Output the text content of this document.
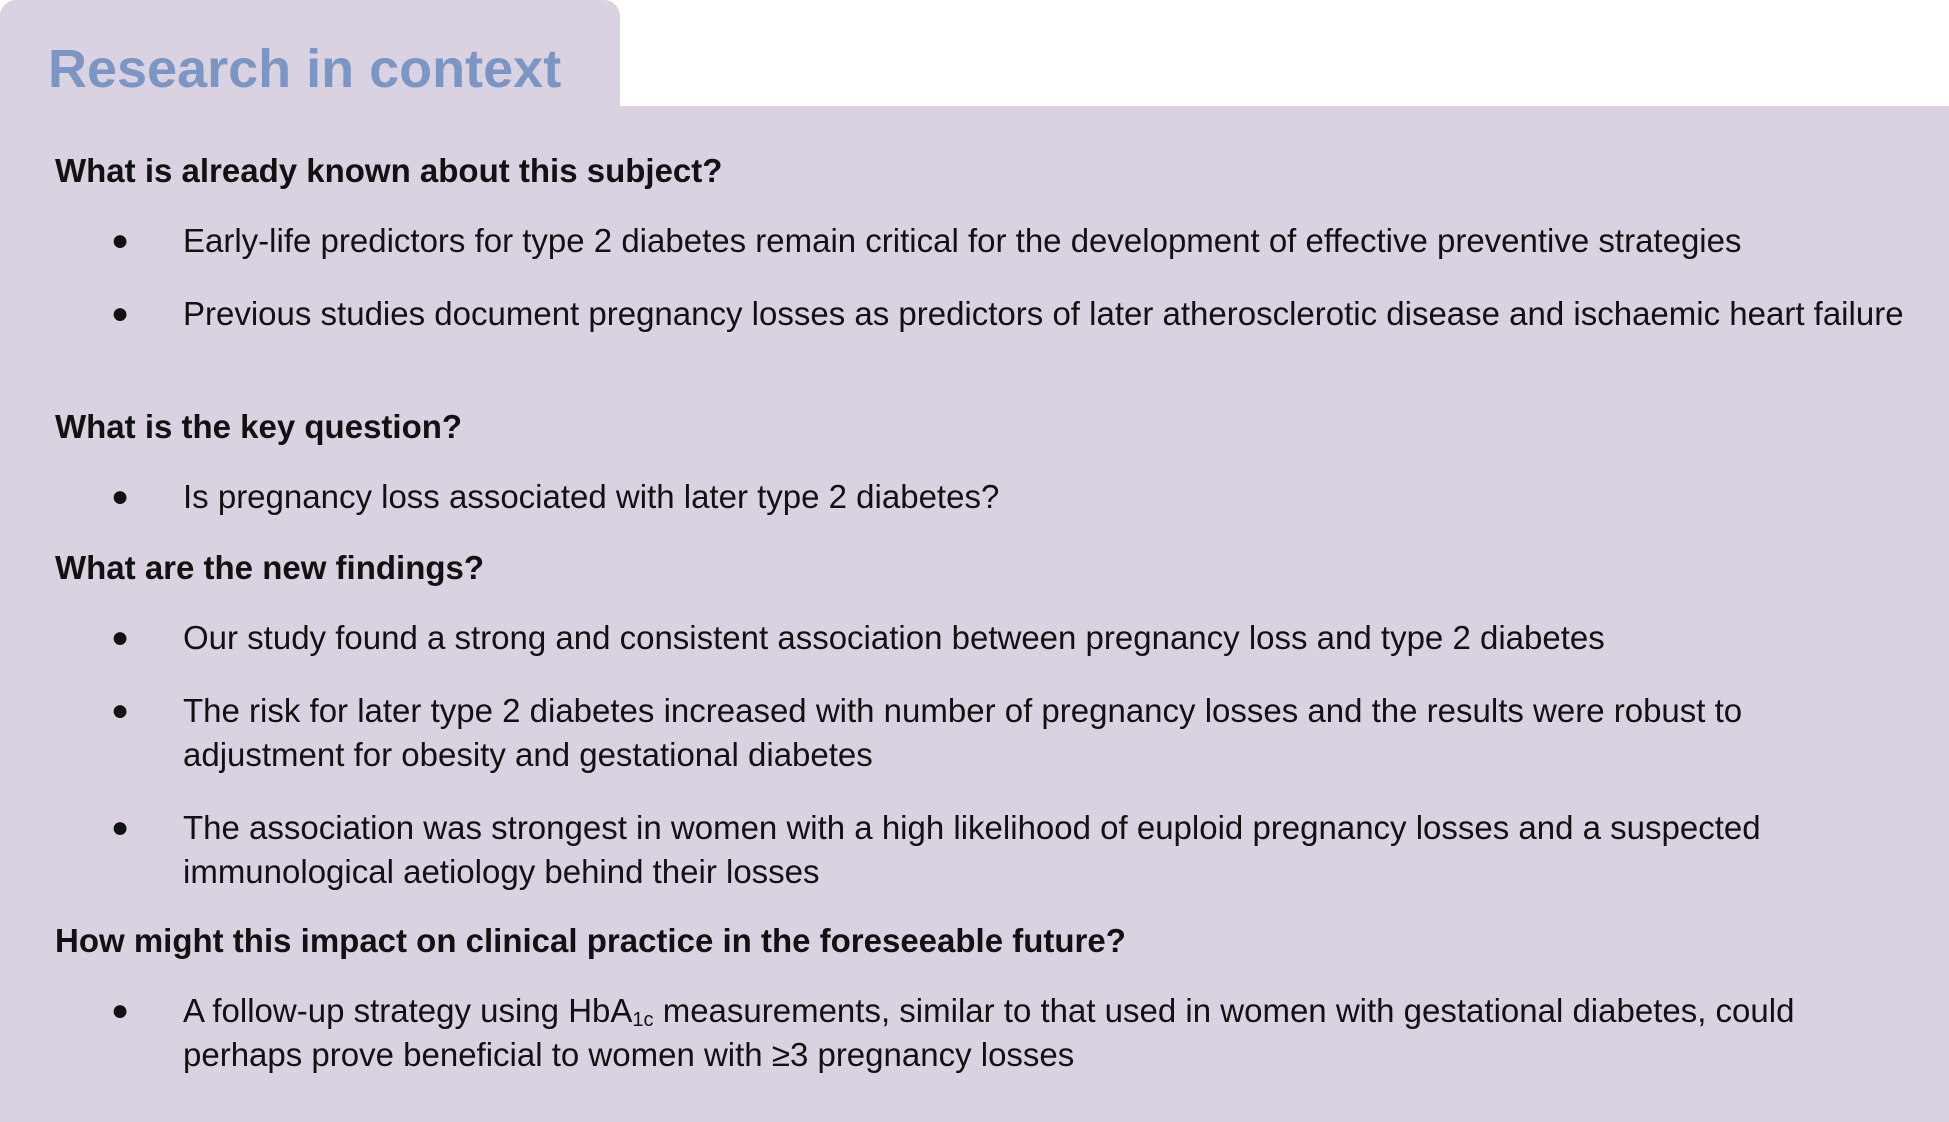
Research in context
What is already known about this subject?
● Early-life predictors for type 2 diabetes remain critical for the development of effective preventive strategies
● Previous studies document pregnancy losses as predictors of later atherosclerotic disease and ischaemic heart failure
What is the key question?
● Is pregnancy loss associated with later type 2 diabetes?
What are the new findings?
● Our study found a strong and consistent association between pregnancy loss and type 2 diabetes
● The risk for later type 2 diabetes increased with number of pregnancy losses and the results were robust to adjustment for obesity and gestational diabetes
● The association was strongest in women with a high likelihood of euploid pregnancy losses and a suspected immunological aetiology behind their losses
How might this impact on clinical practice in the foreseeable future?
● A follow-up strategy using HbA$_{1c}$ measurements, similar to that used in women with gestational diabetes, could perhaps prove beneficial to women with ≥3 pregnancy losses
